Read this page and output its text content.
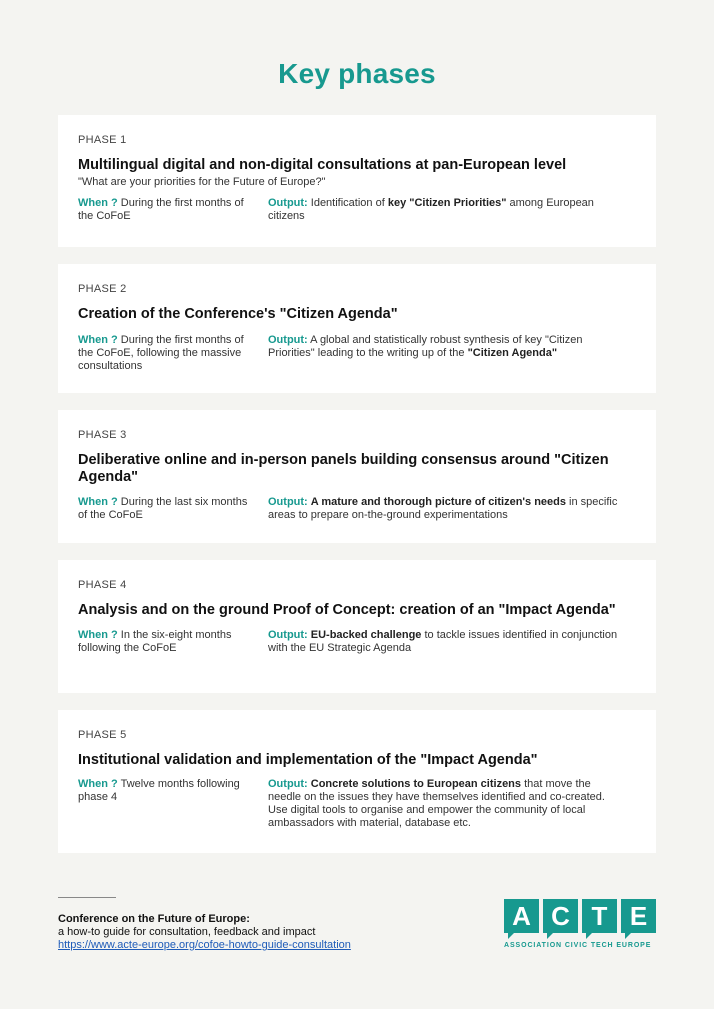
Key phases
PHASE 1
Multilingual digital and non-digital consultations at pan-European level
"What are your priorities for the Future of Europe?"
When ? During the first months of the CoFoE
Output: Identification of key "Citizen Priorities" among European citizens
PHASE 2
Creation of the Conference's "Citizen Agenda"
When ? During the first months of the CoFoE, following the massive consultations
Output: A global and statistically robust synthesis of key "Citizen Priorities" leading to the writing up of the "Citizen Agenda"
PHASE 3
Deliberative online and in-person panels building consensus around "Citizen Agenda"
When ? During the last six months of the CoFoE
Output: A mature and thorough picture of citizen's needs in specific areas to prepare on-the-ground experimentations
PHASE 4
Analysis and on the ground Proof of Concept: creation of an "Impact Agenda"
When ? In the six-eight months following the CoFoE
Output: EU-backed challenge to tackle issues identified in conjunction with the EU Strategic Agenda
PHASE 5
Institutional validation and implementation of the "Impact Agenda"
When ? Twelve months following phase 4
Output: Concrete solutions to European citizens that move the needle on the issues they have themselves identified and co-created. Use digital tools to organise and empower the community of local ambassadors with material, database etc.
Conference on the Future of Europe:
a how-to guide for consultation, feedback and impact
https://www.acte-europe.org/cofoe-howto-guide-consultation
A C T E
ASSOCIATION CIVIC TECH EUROPE
